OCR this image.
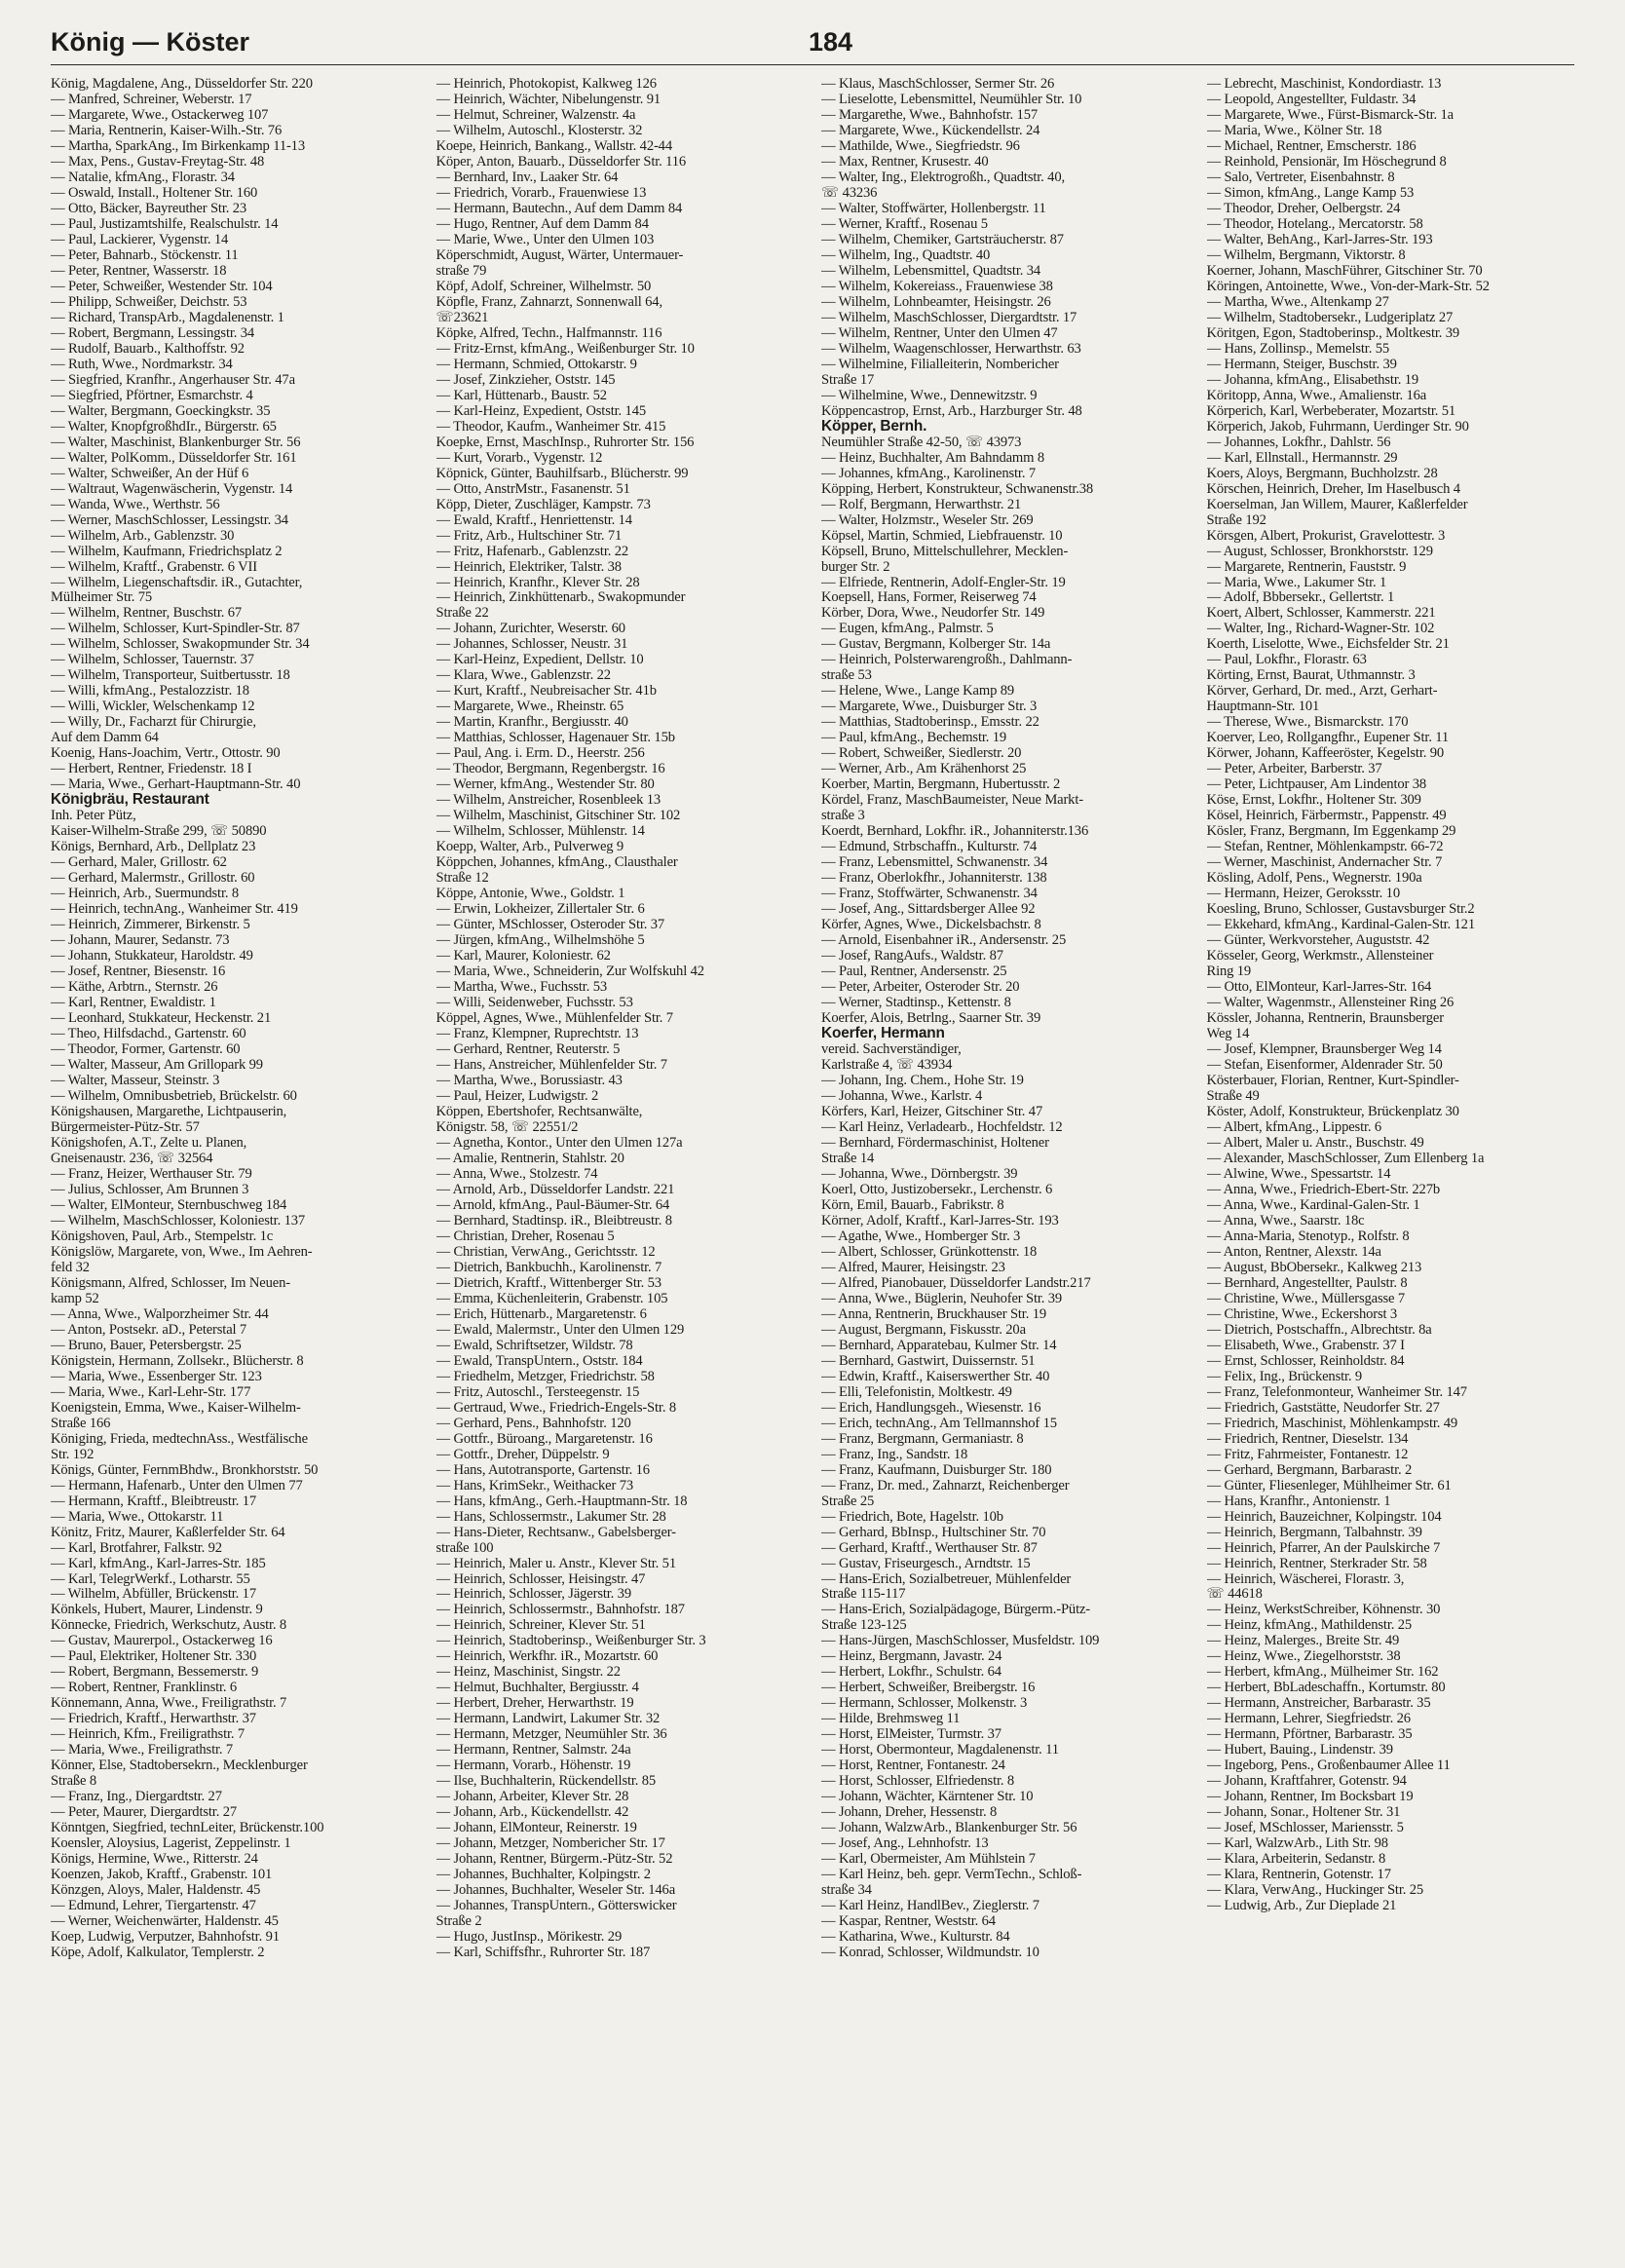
König — Köster	184

König, Magdalene, Ang., Düsseldorfer Str. 220

— Manfred, Schreiner, Weberstr. 17

— Margarete, Wwe., Ostackerweg 107

— Maria, Rentnerin, Kaiser-Wilh.-Str. 76

— Martha, SparkAng., Im Birkenkamp 11-13

— Max, Pens., Gustav-Freytag-Str. 48

— Natalie, kfmAng., Florastr. 34

— Oswald, Install., Holtener Str. 160

— Otto, Bäcker, Bayreuther Str. 23

— Paul, Justizamtshilfe, Realschulstr. 14

— Paul, Lackierer, Vygenstr. 14

— Peter, Bahnarb., Stöckenstr. 11

— Peter, Rentner, Wasserstr. 18

— Peter, Schweißer, Westender Str. 104

— Philipp, Schweißer, Deichstr. 53

— Richard, TranspArb., Magdalenenstr. 1

— Robert, Bergmann, Lessingstr. 34

— Rudolf, Bauarb., Kalthoffstr. 92

— Ruth, Wwe., Nordmarkstr. 34

— Siegfried, Kranfhr., Angerhauser Str. 47a

— Siegfried, Pförtner, Esmarchstr. 4

— Walter, Bergmann, Goeckingkstr. 35

— Walter, KnopfgroßhdIr., Bürgerstr. 65

— Walter, Maschinist, Blankenburger Str. 56

— Walter, PolKomm., Düsseldorfer Str. 161

— Walter, Schweißer, An der Hüf 6

— Waltraut, Wagenwäscherin, Vygenstr. 14

— Wanda, Wwe., Werthstr. 56

— Werner, MaschSchlosser, Lessingstr. 34

— Wilhelm, Arb., Gablenzstr. 30

— Wilhelm, Kaufmann, Friedrichsplatz 2

— Wilhelm, Kraftf., Grabenstr. 6 VII

— Wilhelm, Liegenschaftsdir. iR., Gutachter,

Mülheimer Str. 75

— Wilhelm, Rentner, Buschstr. 67

— Wilhelm, Schlosser, Kurt-Spindler-Str. 87

— Wilhelm, Schlosser, Swakopmunder Str. 34

— Wilhelm, Schlosser, Tauernstr. 37

— Wilhelm, Transporteur, Suitbertusstr. 18

— Willi, kfmAng., Pestalozzistr. 18

— Willi, Wickler, Welschenkamp 12

— Willy, Dr., Facharzt für Chirurgie,

Auf dem Damm 64

Koenig, Hans-Joachim, Vertr., Ottostr. 90

— Herbert, Rentner, Friedenstr. 18 I

— Maria, Wwe., Gerhart-Hauptmann-Str. 40

Königbräu, Restaurant

Inh. Peter Pütz,

Kaiser-Wilhelm-Straße 299, ☏ 50890

Königs, Bernhard, Arb., Dellplatz 23

— Gerhard, Maler, Grillostr. 62

— Gerhard, Malermstr., Grillostr. 60

— Heinrich, Arb., Suermundstr. 8

— Heinrich, technAng., Wanheimer Str. 419

— Heinrich, Zimmerer, Birkenstr. 5

— Johann, Maurer, Sedanstr. 73

— Johann, Stukkateur, Haroldstr. 49

— Josef, Rentner, Biesenstr. 16

— Käthe, Arbtrn., Sternstr. 26

— Karl, Rentner, Ewaldistr. 1

— Leonhard, Stukkateur, Heckenstr. 21

— Theo, Hilfsdachd., Gartenstr. 60

— Theodor, Former, Gartenstr. 60

— Walter, Masseur, Am Grillopark 99

— Walter, Masseur, Steinstr. 3

— Wilhelm, Omnibusbetrieb, Brückelstr. 60

Königshausen, Margarethe, Lichtpauserin,

Bürgermeister-Pütz-Str. 57

Königshofen, A.T., Zelte u. Planen,

Gneisenaustr. 236, ☏ 32564

— Franz, Heizer, Werthauser Str. 79

— Julius, Schlosser, Am Brunnen 3

— Walter, ElMonteur, Sternbuschweg 184

— Wilhelm, MaschSchlosser, Koloniestr. 137

Königshoven, Paul, Arb., Stempelstr. 1c

Königslöw, Margarete, von, Wwe., Im Aehren-

feld 32

Königsmann, Alfred, Schlosser, Im Neuen-

kamp 52

— Anna, Wwe., Walporzheimer Str. 44

— Anton, Postsekr. aD., Peterstal 7

— Bruno, Bauer, Petersbergstr. 25

Königstein, Hermann, Zollsekr., Blücherstr. 8

— Maria, Wwe., Essenberger Str. 123

— Maria, Wwe., Karl-Lehr-Str. 177

Koenigstein, Emma, Wwe., Kaiser-Wilhelm-

Straße 166

Königing, Frieda, medtechnAss., Westfälische

Str. 192

Königs, Günter, FernmBhdw., Bronkhorststr. 50

— Hermann, Hafenarb., Unter den Ulmen 77

— Hermann, Kraftf., Bleibtreustr. 17

— Maria, Wwe., Ottokarstr. 11

Könitz, Fritz, Maurer, Kaßlerfelder Str. 64

— Karl, Brotfahrer, Falkstr. 92

— Karl, kfmAng., Karl-Jarres-Str. 185

— Karl, TelegrWerkf., Lotharstr. 55

— Wilhelm, Abfüller, Brückenstr. 17

Könkels, Hubert, Maurer, Lindenstr. 9

Könnecke, Friedrich, Werkschutz, Austr. 8

— Gustav, Maurerpol., Ostackerweg 16

— Paul, Elektriker, Holtener Str. 330

— Robert, Bergmann, Bessemerstr. 9

— Robert, Rentner, Franklinstr. 6

Könnemann, Anna, Wwe., Freiligrathstr. 7

— Friedrich, Kraftf., Herwarthstr. 37

— Heinrich, Kfm., Freiligrathstr. 7

— Maria, Wwe., Freiligrathstr. 7

Könner, Else, Stadtobersekrn., Mecklenburger

Straße 8

— Franz, Ing., Diergardtstr. 27

— Peter, Maurer, Diergardtstr. 27

Könntgen, Siegfried, technLeiter, Brückenstr.100

Koensler, Aloysius, Lagerist, Zeppelinstr. 1

Königs, Hermine, Wwe., Ritterstr. 24

Koenzen, Jakob, Kraftf., Grabenstr. 101

Könzgen, Aloys, Maler, Haldenstr. 45

— Edmund, Lehrer, Tiergartenstr. 47

— Werner, Weichenwärter, Haldenstr. 45

Koep, Ludwig, Verputzer, Bahnhofstr. 91

Köpe, Adolf, Kalkulator, Templerstr. 2

— Heinrich, Photokopist, Kalkweg 126

— Heinrich, Wächter, Nibelungenstr. 91

— Helmut, Schreiner, Walzenstr. 4a

— Wilhelm, Autoschl., Klosterstr. 32

Koepe, Heinrich, Bankang., Wallstr. 42-44

Köper, Anton, Bauarb., Düsseldorfer Str. 116

— Bernhard, Inv., Laaker Str. 64

— Friedrich, Vorarb., Frauenwiese 13

— Hermann, Bautechn., Auf dem Damm 84

— Hugo, Rentner, Auf dem Damm 84

— Marie, Wwe., Unter den Ulmen 103

Köperschmidt, August, Wärter, Untermauer-

straße 79

Köpf, Adolf, Schreiner, Wilhelmstr. 50

Köpfle, Franz, Zahnarzt, Sonnenwall 64,

☏23621

Köpke, Alfred, Techn., Halfmannstr. 116

— Fritz-Ernst, kfmAng., Weißenburger Str. 10

— Hermann, Schmied, Ottokarstr. 9

— Josef, Zinkzieher, Oststr. 145

— Karl, Hüttenarb., Baustr. 52

— Karl-Heinz, Expedient, Oststr. 145

— Theodor, Kaufm., Wanheimer Str. 415

Koepke, Ernst, MaschInsp., Ruhrorter Str. 156

— Kurt, Vorarb., Vygenstr. 12

Köpnick, Günter, Bauhilfsarb., Blücherstr. 99

— Otto, AnstrMstr., Fasanenstr. 51

Köpp, Dieter, Zuschläger, Kampstr. 73

— Ewald, Kraftf., Henriettenstr. 14

— Fritz, Arb., Hultschiner Str. 71

— Fritz, Hafenarb., Gablenzstr. 22

— Heinrich, Elektriker, Talstr. 38

— Heinrich, Kranfhr., Klever Str. 28

— Heinrich, Zinkhüttenarb., Swakopmunder

Straße 22

— Johann, Zurichter, Weserstr. 60

— Johannes, Schlosser, Neustr. 31

— Karl-Heinz, Expedient, Dellstr. 10

— Klara, Wwe., Gablenzstr. 22

— Kurt, Kraftf., Neubreisacher Str. 41b

— Margarete, Wwe., Rheinstr. 65

— Martin, Kranfhr., Bergiusstr. 40

— Matthias, Schlosser, Hagenauer Str. 15b

— Paul, Ang. i. Erm. D., Heerstr. 256

— Theodor, Bergmann, Regenbergstr. 16

— Werner, kfmAng., Westender Str. 80

— Wilhelm, Anstreicher, Rosenbleek 13

— Wilhelm, Maschinist, Gitschiner Str. 102

— Wilhelm, Schlosser, Mühlenstr. 14

Koepp, Walter, Arb., Pulverweg 9

Köppchen, Johannes, kfmAng., Clausthaler

Straße 12

Köppe, Antonie, Wwe., Goldstr. 1

— Erwin, Lokheizer, Zillertaler Str. 6

— Günter, MSchlosser, Osteroder Str. 37

— Jürgen, kfmAng., Wilhelmshöhe 5

— Karl, Maurer, Koloniestr. 62

— Maria, Wwe., Schneiderin, Zur Wolfskuhl 42

— Martha, Wwe., Fuchsstr. 53

— Willi, Seidenweber, Fuchsstr. 53

Köppel, Agnes, Wwe., Mühlenfelder Str. 7

— Franz, Klempner, Ruprechtstr. 13

— Gerhard, Rentner, Reuterstr. 5

— Hans, Anstreicher, Mühlenfelder Str. 7

— Martha, Wwe., Borussiastr. 43

— Paul, Heizer, Ludwigstr. 2

Köppen, Ebertshofer, Rechtsanwälte,

Königstr. 58, ☏ 22551/2

— Agnetha, Kontor., Unter den Ulmen 127a

— Amalie, Rentnerin, Stahlstr. 20

— Anna, Wwe., Stolzestr. 74

— Arnold, Arb., Düsseldorfer Landstr. 221

— Arnold, kfmAng., Paul-Bäumer-Str. 64

— Bernhard, Stadtinsp. iR., Bleibtreustr. 8

— Christian, Dreher, Rosenau 5

— Christian, VerwAng., Gerichtsstr. 12

— Dietrich, Bankbuchh., Karolinenstr. 7

— Dietrich, Kraftf., Wittenberger Str. 53

— Emma, Küchenleiterin, Grabenstr. 105

— Erich, Hüttenarb., Margaretenstr. 6

— Ewald, Malermstr., Unter den Ulmen 129

— Ewald, Schriftsetzer, Wildstr. 78

— Ewald, TranspUntern., Oststr. 184

— Friedhelm, Metzger, Friedrichstr. 58

— Fritz, Autoschl., Tersteegenstr. 15

— Gertraud, Wwe., Friedrich-Engels-Str. 8

— Gerhard, Pens., Bahnhofstr. 120

— Gottfr., Büroang., Margaretenstr. 16

— Gottfr., Dreher, Düppelstr. 9

— Hans, Autotransporte, Gartenstr. 16

— Hans, KrimSekr., Weithacker 73

— Hans, kfmAng., Gerh.-Hauptmann-Str. 18

— Hans, Schlossermstr., Lakumer Str. 28

— Hans-Dieter, Rechtsanw., Gabelsberger-

straße 100

— Heinrich, Maler u. Anstr., Klever Str. 51

— Heinrich, Schlosser, Heisingstr. 47

— Heinrich, Schlosser, Jägerstr. 39

— Heinrich, Schlossermstr., Bahnhofstr. 187

— Heinrich, Schreiner, Klever Str. 51

— Heinrich, Stadtoberinsp., Weißenburger Str. 3

— Heinrich, Werkfhr. iR., Mozartstr. 60

— Heinz, Maschinist, Singstr. 22

— Helmut, Buchhalter, Bergiusstr. 4

— Herbert, Dreher, Herwarthstr. 19

— Hermann, Landwirt, Lakumer Str. 32

— Hermann, Metzger, Neumühler Str. 36

— Hermann, Rentner, Salmstr. 24a

— Hermann, Vorarb., Höhenstr. 19

— Ilse, Buchhalterin, Rückendellstr. 85

— Johann, Arbeiter, Klever Str. 28

— Johann, Arb., Kückendellstr. 42

— Johann, ElMonteur, Reinerstr. 19

— Johann, Metzger, Nombericher Str. 17

— Johann, Rentner, Bürgerm.-Pütz-Str. 52

— Johannes, Buchhalter, Kolpingstr. 2

— Johannes, Buchhalter, Weseler Str. 146a

— Johannes, TranspUntern., Götterswicker

Straße 2

— Hugo, JustInsp., Mörikestr. 29

— Karl, Schiffsfhr., Ruhrorter Str. 187

— Klaus, MaschSchlosser, Sermer Str. 26

— Lieselotte, Lebensmittel, Neumühler Str. 10

— Margarethe, Wwe., Bahnhofstr. 157

— Margarete, Wwe., Kückendellstr. 24

— Mathilde, Wwe., Siegfriedstr. 96

— Max, Rentner, Krusestr. 40

— Walter, Ing., Elektrogroßh., Quadtstr. 40,

☏ 43236

— Walter, Stoffwärter, Hollenbergstr. 11

— Werner, Kraftf., Rosenau 5

— Wilhelm, Chemiker, Gartsträucherstr. 87

— Wilhelm, Ing., Quadtstr. 40

— Wilhelm, Lebensmittel, Quadtstr. 34

— Wilhelm, Kokereiass., Frauenwiese 38

— Wilhelm, Lohnbeamter, Heisingstr. 26

— Wilhelm, MaschSchlosser, Diergardtstr. 17

— Wilhelm, Rentner, Unter den Ulmen 47

— Wilhelm, Waagenschlosser, Herwarthstr. 63

— Wilhelmine, Filialleiterin, Nombericher

Straße 17

— Wilhelmine, Wwe., Dennewitzstr. 9

Köppencastrop, Ernst, Arb., Harzburger Str. 48

Köpper, Bernh.

Neumühler Straße 42-50, ☏ 43973

— Heinz, Buchhalter, Am Bahndamm 8

— Johannes, kfmAng., Karolinenstr. 7

Köpping, Herbert, Konstrukteur, Schwanenstr.38

— Rolf, Bergmann, Herwarthstr. 21

— Walter, Holzmstr., Weseler Str. 269

Köpsel, Martin, Schmied, Liebfrauenstr. 10

Köpsell, Bruno, Mittelschullehrer, Mecklen-

burger Str. 2

— Elfriede, Rentnerin, Adolf-Engler-Str. 19

Koepsell, Hans, Former, Reiserweg 74

Körber, Dora, Wwe., Neudorfer Str. 149

— Eugen, kfmAng., Palmstr. 5

— Gustav, Bergmann, Kolberger Str. 14a

— Heinrich, Polsterwarengroßh., Dahlmann-

straße 53

— Helene, Wwe., Lange Kamp 89

— Margarete, Wwe., Duisburger Str. 3

— Matthias, Stadtoberinsp., Emsstr. 22

— Paul, kfmAng., Bechemstr. 19

— Robert, Schweißer, Siedlerstr. 20

— Werner, Arb., Am Krähenhorst 25

Koerber, Martin, Bergmann, Hubertusstr. 2

Kördel, Franz, MaschBaumeister, Neue Markt-

straße 3

Koerdt, Bernhard, Lokfhr. iR., Johanniterstr.136

— Edmund, Strbschaffn., Kulturstr. 74

— Franz, Lebensmittel, Schwanenstr. 34

— Franz, Oberlokfhr., Johanniterstr. 138

— Franz, Stoffwärter, Schwanenstr. 34

— Josef, Ang., Sittardsberger Allee 92

Körfer, Agnes, Wwe., Dickelsbachstr. 8

— Arnold, Eisenbahner iR., Andersenstr. 25

— Josef, RangAufs., Waldstr. 87

— Paul, Rentner, Andersenstr. 25

— Peter, Arbeiter, Osteroder Str. 20

— Werner, Stadtinsp., Kettenstr. 8

Koerfer, Alois, Betrlng., Saarner Str. 39

Koerfer, Hermann

vereid. Sachverständiger,

Karlstraße 4, ☏ 43934

— Johann, Ing. Chem., Hohe Str. 19

— Johanna, Wwe., Karlstr. 4

Körfers, Karl, Heizer, Gitschiner Str. 47

— Karl Heinz, Verladearb., Hochfeldstr. 12

— Bernhard, Fördermaschinist, Holtener

Straße 14

— Johanna, Wwe., Dörnbergstr. 39

Koerl, Otto, Justizobersekr., Lerchenstr. 6

Körn, Emil, Bauarb., Fabrikstr. 8

Körner, Adolf, Kraftf., Karl-Jarres-Str. 193

— Agathe, Wwe., Homberger Str. 3

— Albert, Schlosser, Grünkottenstr. 18

— Alfred, Maurer, Heisingstr. 23

— Alfred, Pianobauer, Düsseldorfer Landstr.217

— Anna, Wwe., Büglerin, Neuhofer Str. 39

— Anna, Rentnerin, Bruckhauser Str. 19

— August, Bergmann, Fiskusstr. 20a

— Bernhard, Apparatebau, Kulmer Str. 14

— Bernhard, Gastwirt, Duissernstr. 51

— Edwin, Kraftf., Kaiserswerther Str. 40

— Elli, Telefonistin, Moltkestr. 49

— Erich, Handlungsgeh., Wiesenstr. 16

— Erich, technAng., Am Tellmannshof 15

— Franz, Bergmann, Germaniastr. 8

— Franz, Ing., Sandstr. 18

— Franz, Kaufmann, Duisburger Str. 180

— Franz, Dr. med., Zahnarzt, Reichenberger

Straße 25

— Friedrich, Bote, Hagelstr. 10b

— Gerhard, BbInsp., Hultschiner Str. 70

— Gerhard, Kraftf., Werthauser Str. 87

— Gustav, Friseurgesch., Arndtstr. 15

— Hans-Erich, Sozialbetreuer, Mühlenfelder

Straße 115-117

— Hans-Erich, Sozialpädagoge, Bürgerm.-Pütz-

Straße 123-125

— Hans-Jürgen, MaschSchlosser, Musfeldstr. 109

— Heinz, Bergmann, Javastr. 24

— Herbert, Lokfhr., Schulstr. 64

— Herbert, Schweißer, Breibergstr. 16

— Hermann, Schlosser, Molkenstr. 3

— Hilde, Brehmsweg 11

— Horst, ElMeister, Turmstr. 37

— Horst, Obermonteur, Magdalenenstr. 11

— Horst, Rentner, Fontanestr. 24

— Horst, Schlosser, Elfriedenstr. 8

— Johann, Wächter, Kärntener Str. 10

— Johann, Dreher, Hessenstr. 8

— Johann, WalzwArb., Blankenburger Str. 56

— Josef, Ang., Lehnhofstr. 13

— Karl, Obermeister, Am Mühlstein 7

— Karl Heinz, beh. gepr. VermTechn., Schloß-

straße 34

— Karl Heinz, HandlBev., Zieglerstr. 7

— Kaspar, Rentner, Weststr. 64

— Katharina, Wwe., Kulturstr. 84

— Konrad, Schlosser, Wildmundstr. 10

— Lebrecht, Maschinist, Kondordiastr. 13

— Leopold, Angestellter, Fuldastr. 34

— Margarete, Wwe., Fürst-Bismarck-Str. 1a

— Maria, Wwe., Kölner Str. 18

— Michael, Rentner, Emscherstr. 186

— Reinhold, Pensionär, Im Höschegrund 8

— Salo, Vertreter, Eisenbahnstr. 8

— Simon, kfmAng., Lange Kamp 53

— Theodor, Dreher, Oelbergstr. 24

— Theodor, Hotelang., Mercatorstr. 58

— Walter, BehAng., Karl-Jarres-Str. 193

— Wilhelm, Bergmann, Viktorstr. 8

Koerner, Johann, MaschFührer, Gitschiner Str. 70

Köringen, Antoinette, Wwe., Von-der-Mark-Str. 52

— Martha, Wwe., Altenkamp 27

— Wilhelm, Stadtobersekr., Ludgeriplatz 27

Köritgen, Egon, Stadtoberinsp., Moltkestr. 39

— Hans, Zollinsp., Memelstr. 55

— Hermann, Steiger, Buschstr. 39

— Johanna, kfmAng., Elisabethstr. 19

Köritopp, Anna, Wwe., Amalienstr. 16a

Körperich, Karl, Werbeberater, Mozartstr. 51

Körperich, Jakob, Fuhrmann, Uerdinger Str. 90

— Johannes, Lokfhr., Dahlstr. 56

— Karl, Ellnstall., Hermannstr. 29

Koers, Aloys, Bergmann, Buchholzstr. 28

Körschen, Heinrich, Dreher, Im Haselbusch 4

Koerselman, Jan Willem, Maurer, Kaßlerfelder

Straße 192

Körsgen, Albert, Prokurist, Gravelottestr. 3

— August, Schlosser, Bronkhorststr. 129

— Margarete, Rentnerin, Fauststr. 9

— Maria, Wwe., Lakumer Str. 1

— Adolf, Bbbersekr., Gellertstr. 1

Koert, Albert, Schlosser, Kammerstr. 221

— Walter, Ing., Richard-Wagner-Str. 102

Koerth, Liselotte, Wwe., Eichsfelder Str. 21

— Paul, Lokfhr., Florastr. 63

Körting, Ernst, Baurat, Uthmannstr. 3

Körver, Gerhard, Dr. med., Arzt, Gerhart-

Hauptmann-Str. 101

— Therese, Wwe., Bismarckstr. 170

Koerver, Leo, Rollgangfhr., Eupener Str. 11

Körwer, Johann, Kaffeeröster, Kegelstr. 90

— Peter, Arbeiter, Barberstr. 37

— Peter, Lichtpauser, Am Lindentor 38

Köse, Ernst, Lokfhr., Holtener Str. 309

Kösel, Heinrich, Färbermstr., Pappenstr. 49

Kösler, Franz, Bergmann, Im Eggenkamp 29

— Stefan, Rentner, Möhlenkampstr. 66-72

— Werner, Maschinist, Andernacher Str. 7

Kösling, Adolf, Pens., Wegnerstr. 190a

— Hermann, Heizer, Geroksstr. 10

Koesling, Bruno, Schlosser, Gustavsburger Str.2

— Ekkehard, kfmAng., Kardinal-Galen-Str. 121

— Günter, Werkvorsteher, Auguststr. 42

Kösseler, Georg, Werkmstr., Allensteiner

Ring 19

— Otto, ElMonteur, Karl-Jarres-Str. 164

— Walter, Wagenmstr., Allensteiner Ring 26

Kössler, Johanna, Rentnerin, Braunsberger

Weg 14

— Josef, Klempner, Braunsberger Weg 14

— Stefan, Eisenformer, Aldenrader Str. 50

Kösterbauer, Florian, Rentner, Kurt-Spindler-

Straße 49

Köster, Adolf, Konstrukteur, Brückenplatz 30

— Albert, kfmAng., Lippestr. 6

— Albert, Maler u. Anstr., Buschstr. 49

— Alexander, MaschSchlosser, Zum Ellenberg 1a

— Alwine, Wwe., Spessartstr. 14

— Anna, Wwe., Friedrich-Ebert-Str. 227b

— Anna, Wwe., Kardinal-Galen-Str. 1

— Anna, Wwe., Saarstr. 18c

— Anna-Maria, Stenotyp., Rolfstr. 8

— Anton, Rentner, Alexstr. 14a

— August, BbObersekr., Kalkweg 213

— Bernhard, Angestellter, Paulstr. 8

— Christine, Wwe., Müllersgasse 7

— Christine, Wwe., Eckershorst 3

— Dietrich, Postschaffn., Albrechtstr. 8a

— Elisabeth, Wwe., Grabenstr. 37 I

— Ernst, Schlosser, Reinholdstr. 84

— Felix, Ing., Brückenstr. 9

— Franz, Telefonmonteur, Wanheimer Str. 147

— Friedrich, Gaststätte, Neudorfer Str. 27

— Friedrich, Maschinist, Möhlenkampstr. 49

— Friedrich, Rentner, Dieselstr. 134

— Fritz, Fahrmeister, Fontanestr. 12

— Gerhard, Bergmann, Barbarastr. 2

— Günter, Fliesenleger, Mühlheimer Str. 61

— Hans, Kranfhr., Antonienstr. 1

— Heinrich, Bauzeichner, Kolpingstr. 104

— Heinrich, Bergmann, Talbahnstr. 39

— Heinrich, Pfarrer, An der Paulskirche 7

— Heinrich, Rentner, Sterkrader Str. 58

— Heinrich, Wäscherei, Florastr. 3,

☏ 44618

— Heinz, WerkstSchreiber, Köhnenstr. 30

— Heinz, kfmAng., Mathildenstr. 25

— Heinz, Malerges., Breite Str. 49

— Heinz, Wwe., Ziegelhorststr. 38

— Herbert, kfmAng., Mülheimer Str. 162

— Herbert, BbLadeschaffn., Kortumstr. 80

— Hermann, Anstreicher, Barbarastr. 35

— Hermann, Lehrer, Siegfriedstr. 26

— Hermann, Pförtner, Barbarastr. 35

— Hubert, Bauing., Lindenstr. 39

— Ingeborg, Pens., Großenbaumer Allee 11

— Johann, Kraftfahrer, Gotenstr. 94

— Johann, Rentner, Im Bocksbart 19

— Johann, Sonar., Holtener Str. 31

— Josef, MSchlosser, Mariensstr. 5

— Karl, WalzwArb., Lith Str. 98

— Klara, Arbeiterin, Sedanstr. 8

— Klara, Rentnerin, Gotenstr. 17

— Klara, VerwAng., Huckinger Str. 25

— Ludwig, Arb., Zur Dieplade 21
